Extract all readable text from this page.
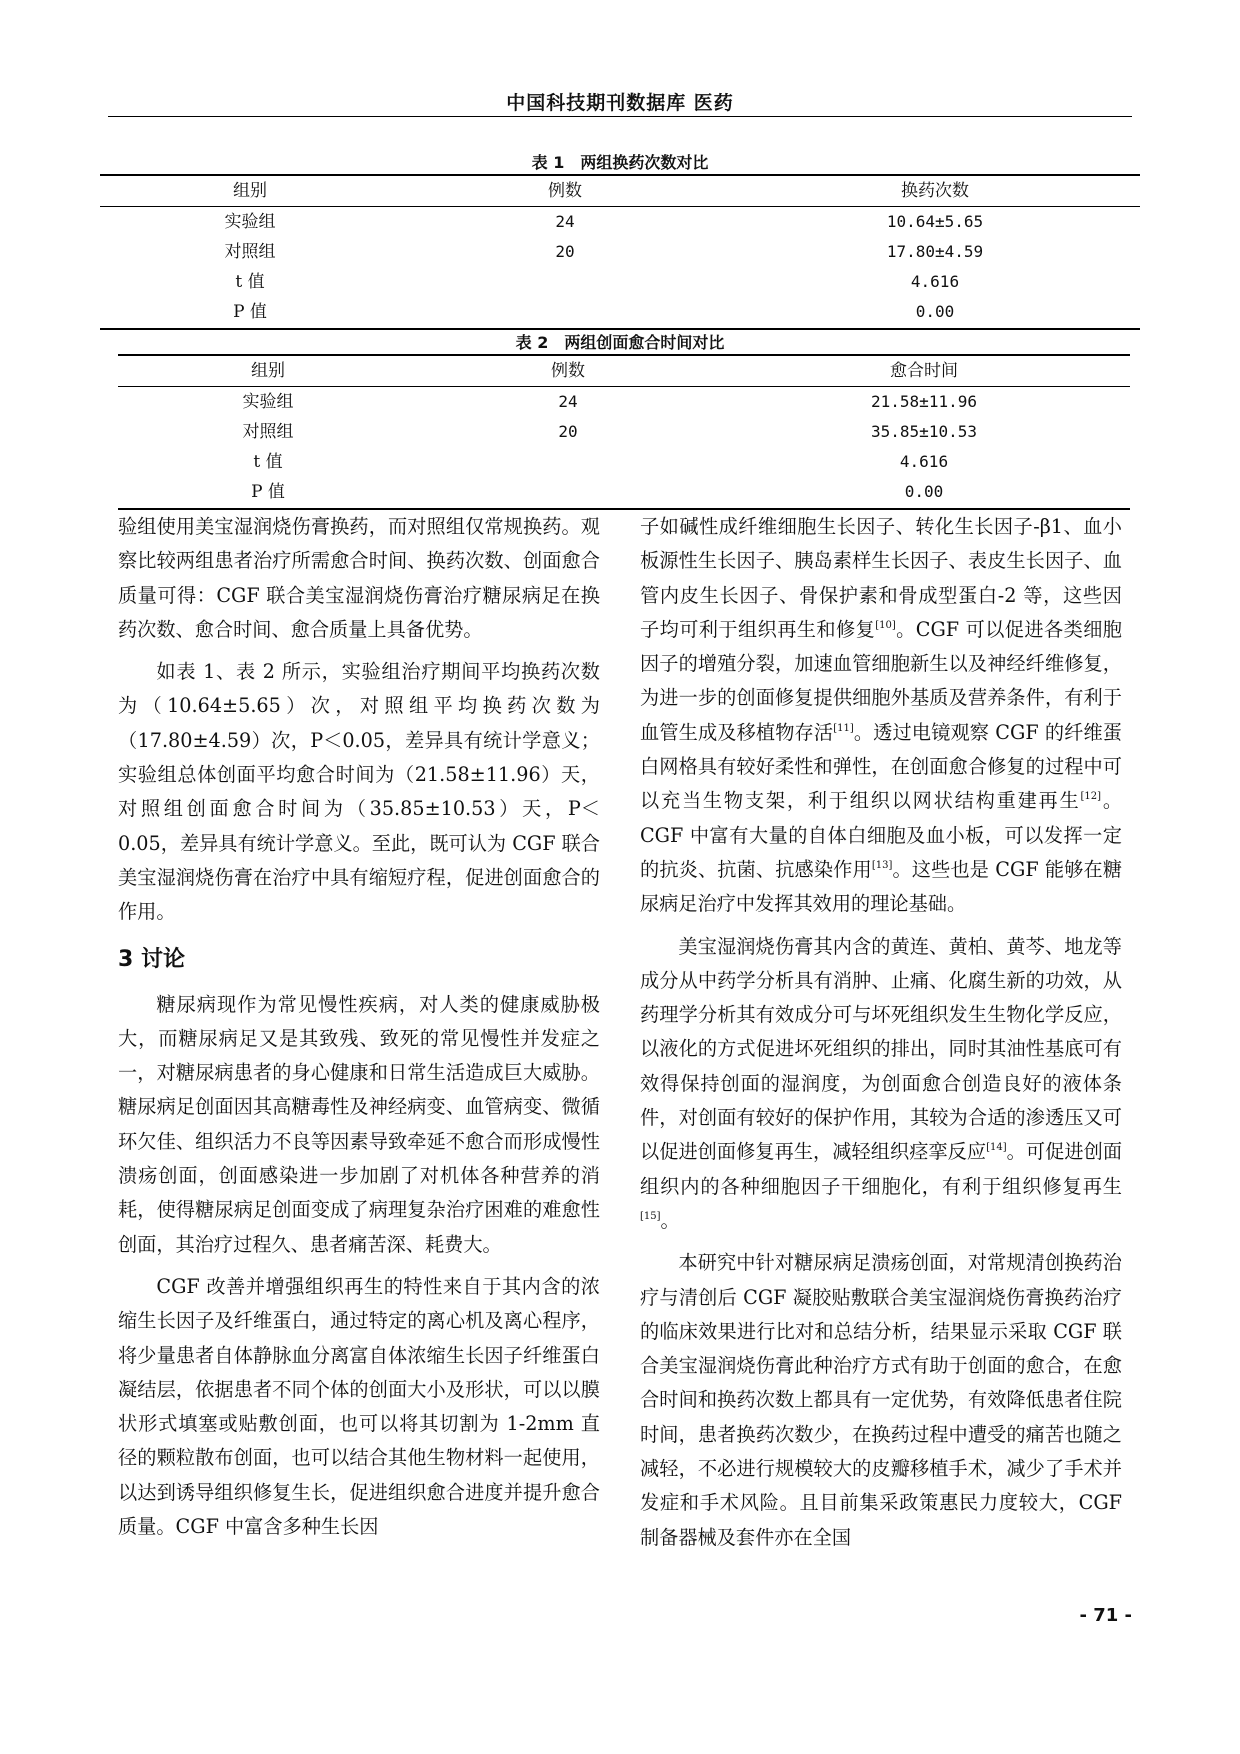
中国科技期刊数据库 医药
表 1　两组换药次数对比
组别	例数	换药次数
实验组	24	10.64±5.65
对照组	20	17.80±4.59
t 值		4.616
P 值		0.00
表 2　两组创面愈合时间对比
组别	例数	愈合时间
实验组	24	21.58±11.96
对照组	20	35.85±10.53
t 值		4.616
P 值		0.00

验组使用美宝湿润烧伤膏换药，而对照组仅常规换药。观察比较两组患者治疗所需愈合时间、换药次数、创面愈合质量可得：CGF 联合美宝湿润烧伤膏治疗糖尿病足在换药次数、愈合时间、愈合质量上具备优势。

如表 1、表 2 所示，实验组治疗期间平均换药次数为（10.64±5.65）次，对照组平均换药次数为（17.80±4.59）次，P＜0.05，差异具有统计学意义；实验组总体创面平均愈合时间为（21.58±11.96）天，对照组创面愈合时间为（35.85±10.53）天，P＜0.05，差异具有统计学意义。至此，既可认为 CGF 联合美宝湿润烧伤膏在治疗中具有缩短疗程，促进创面愈合的作用。

3 讨论

糖尿病现作为常见慢性疾病，对人类的健康威胁极大，而糖尿病足又是其致残、致死的常见慢性并发症之一，对糖尿病患者的身心健康和日常生活造成巨大威胁。糖尿病足创面因其高糖毒性及神经病变、血管病变、微循环欠佳、组织活力不良等因素导致牵延不愈合而形成慢性溃疡创面，创面感染进一步加剧了对机体各种营养的消耗，使得糖尿病足创面变成了病理复杂治疗困难的难愈性创面，其治疗过程久、患者痛苦深、耗费大。

CGF 改善并增强组织再生的特性来自于其内含的浓缩生长因子及纤维蛋白，通过特定的离心机及离心程序，将少量患者自体静脉血分离富自体浓缩生长因子纤维蛋白凝结层，依据患者不同个体的创面大小及形状，可以以膜状形式填塞或贴敷创面，也可以将其切割为 1-2mm 直径的颗粒散布创面，也可以结合其他生物材料一起使用，以达到诱导组织修复生长，促进组织愈合进度并提升愈合质量。CGF 中富含多种生长因

子如碱性成纤维细胞生长因子、转化生长因子-β1、血小板源性生长因子、胰岛素样生长因子、表皮生长因子、血管内皮生长因子、骨保护素和骨成型蛋白-2 等，这些因子均可利于组织再生和修复[10]。CGF 可以促进各类细胞因子的增殖分裂，加速血管细胞新生以及神经纤维修复，为进一步的创面修复提供细胞外基质及营养条件，有利于血管生成及移植物存活[11]。透过电镜观察 CGF 的纤维蛋白网格具有较好柔性和弹性，在创面愈合修复的过程中可以充当生物支架，利于组织以网状结构重建再生[12]。CGF 中富有大量的自体白细胞及血小板，可以发挥一定的抗炎、抗菌、抗感染作用[13]。这些也是 CGF 能够在糖尿病足治疗中发挥其效用的理论基础。

美宝湿润烧伤膏其内含的黄连、黄柏、黄芩、地龙等成分从中药学分析具有消肿、止痛、化腐生新的功效，从药理学分析其有效成分可与坏死组织发生生物化学反应，以液化的方式促进坏死组织的排出，同时其油性基底可有效得保持创面的湿润度，为创面愈合创造良好的液体条件，对创面有较好的保护作用，其较为合适的渗透压又可以促进创面修复再生，减轻组织痉挛反应[14]。可促进创面组织内的各种细胞因子干细胞化，有利于组织修复再生[15]。

本研究中针对糖尿病足溃疡创面，对常规清创换药治疗与清创后 CGF 凝胶贴敷联合美宝湿润烧伤膏换药治疗的临床效果进行比对和总结分析，结果显示采取 CGF 联合美宝湿润烧伤膏此种治疗方式有助于创面的愈合，在愈合时间和换药次数上都具有一定优势，有效降低患者住院时间，患者换药次数少，在换药过程中遭受的痛苦也随之减轻，不必进行规模较大的皮瓣移植手术，减少了手术并发症和手术风险。且目前集采政策惠民力度较大，CGF 制备器械及套件亦在全国

- 71 -
